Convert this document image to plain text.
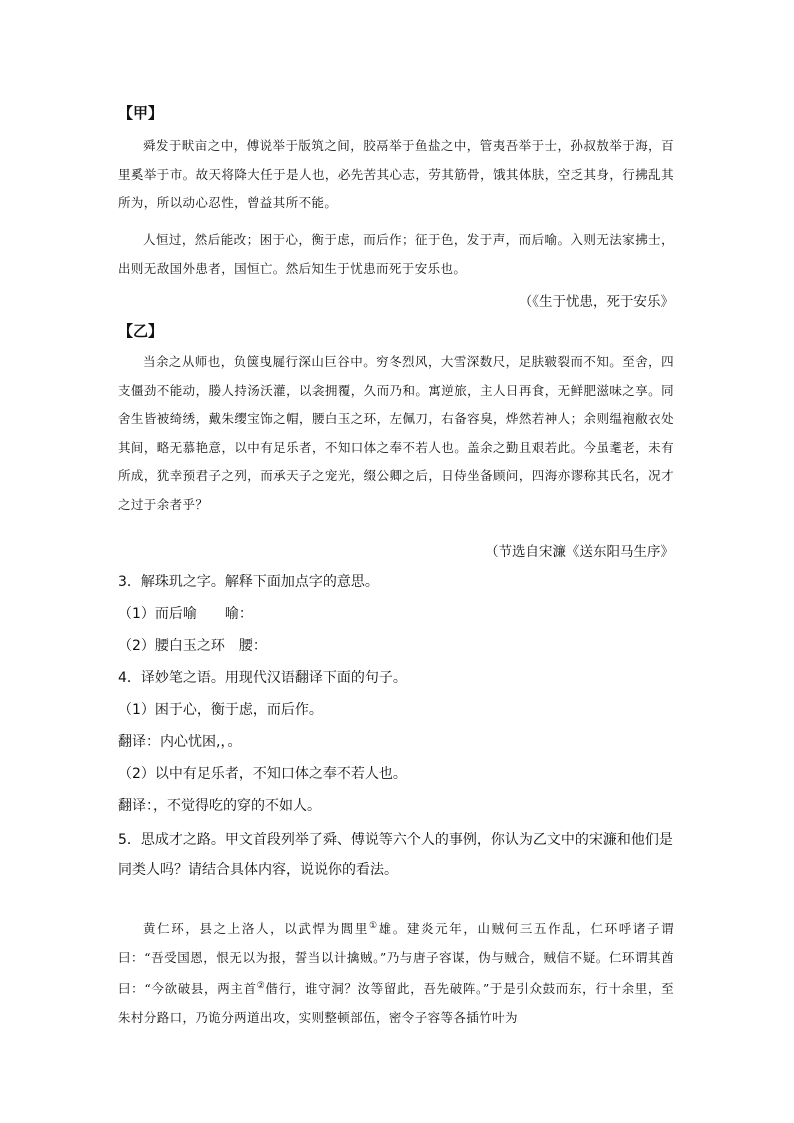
【甲】

舜发于畎亩之中，傅说举于版筑之间，胶鬲举于鱼盐之中，管夷吾举于士，孙叔敖举于海，百里奚举于市。故天将降大任于是人也，必先苦其心志，劳其筋骨，饿其体肤，空乏其身，行拂乱其所为，所以动心忍性，曾益其所不能。

人恒过，然后能改；困于心，衡于虑，而后作；征于色，发于声，而后喻。入则无法家拂士，出则无敌国外患者，国恒亡。然后知生于忧患而死于安乐也。

（《生于忧患，死于安乐》
【乙】

当余之从师也，负箧曳屣行深山巨谷中。穷冬烈风，大雪深数尺，足肤皲裂而不知。至舍，四支僵劲不能动，媵人持汤沃灌，以衾拥覆，久而乃和。寓逆旅，主人日再食，无鲜肥滋味之享。同舍生皆被绮绣，戴朱缨宝饰之帽，腰白玉之环，左佩刀，右备容臭，烨然若神人；余则缊袍敝衣处其间，略无慕艳意，以中有足乐者，不知口体之奉不若人也。盖余之勤且艰若此。今虽耄老，未有所成，犹幸预君子之列，而承天子之宠光，缀公卿之后，日侍坐备顾问，四海亦谬称其氏名，况才之过于余者乎？

（节选自宋濂《送东阳马生序》

3．解珠玑之字。解释下面加点字的意思。

（1）而后喻　　喻：

（2）腰白玉之环　腰：

4．译妙笔之语。用现代汉语翻译下面的句子。

（1）困于心，衡于虑，而后作。

翻译：内心忧困,，。

（2）以中有足乐者，不知口体之奉不若人也。

翻译：，不觉得吃的穿的不如人。

5．思成才之路。甲文首段列举了舜、傅说等六个人的事例，你认为乙文中的宋濂和他们是同类人吗？请结合具体内容，说说你的看法。

黄仁环，县之上洛人，以武悍为閭里①雄。建炎元年，山贼何三五作乱，仁环呼诸子谓曰：“吾受国恩，恨无以为报，誓当以计擒贼。”乃与唐子容谋，伪与贼合，贼信不疑。仁环谓其酋曰：“今欲破县，两主首②偕行，谁守洞？汝等留此，吾先破阵。”于是引众鼓而东，行十余里，至朱村分路口，乃诡分两道出攻，实则整顿部伍，密令子容等各插竹叶为
